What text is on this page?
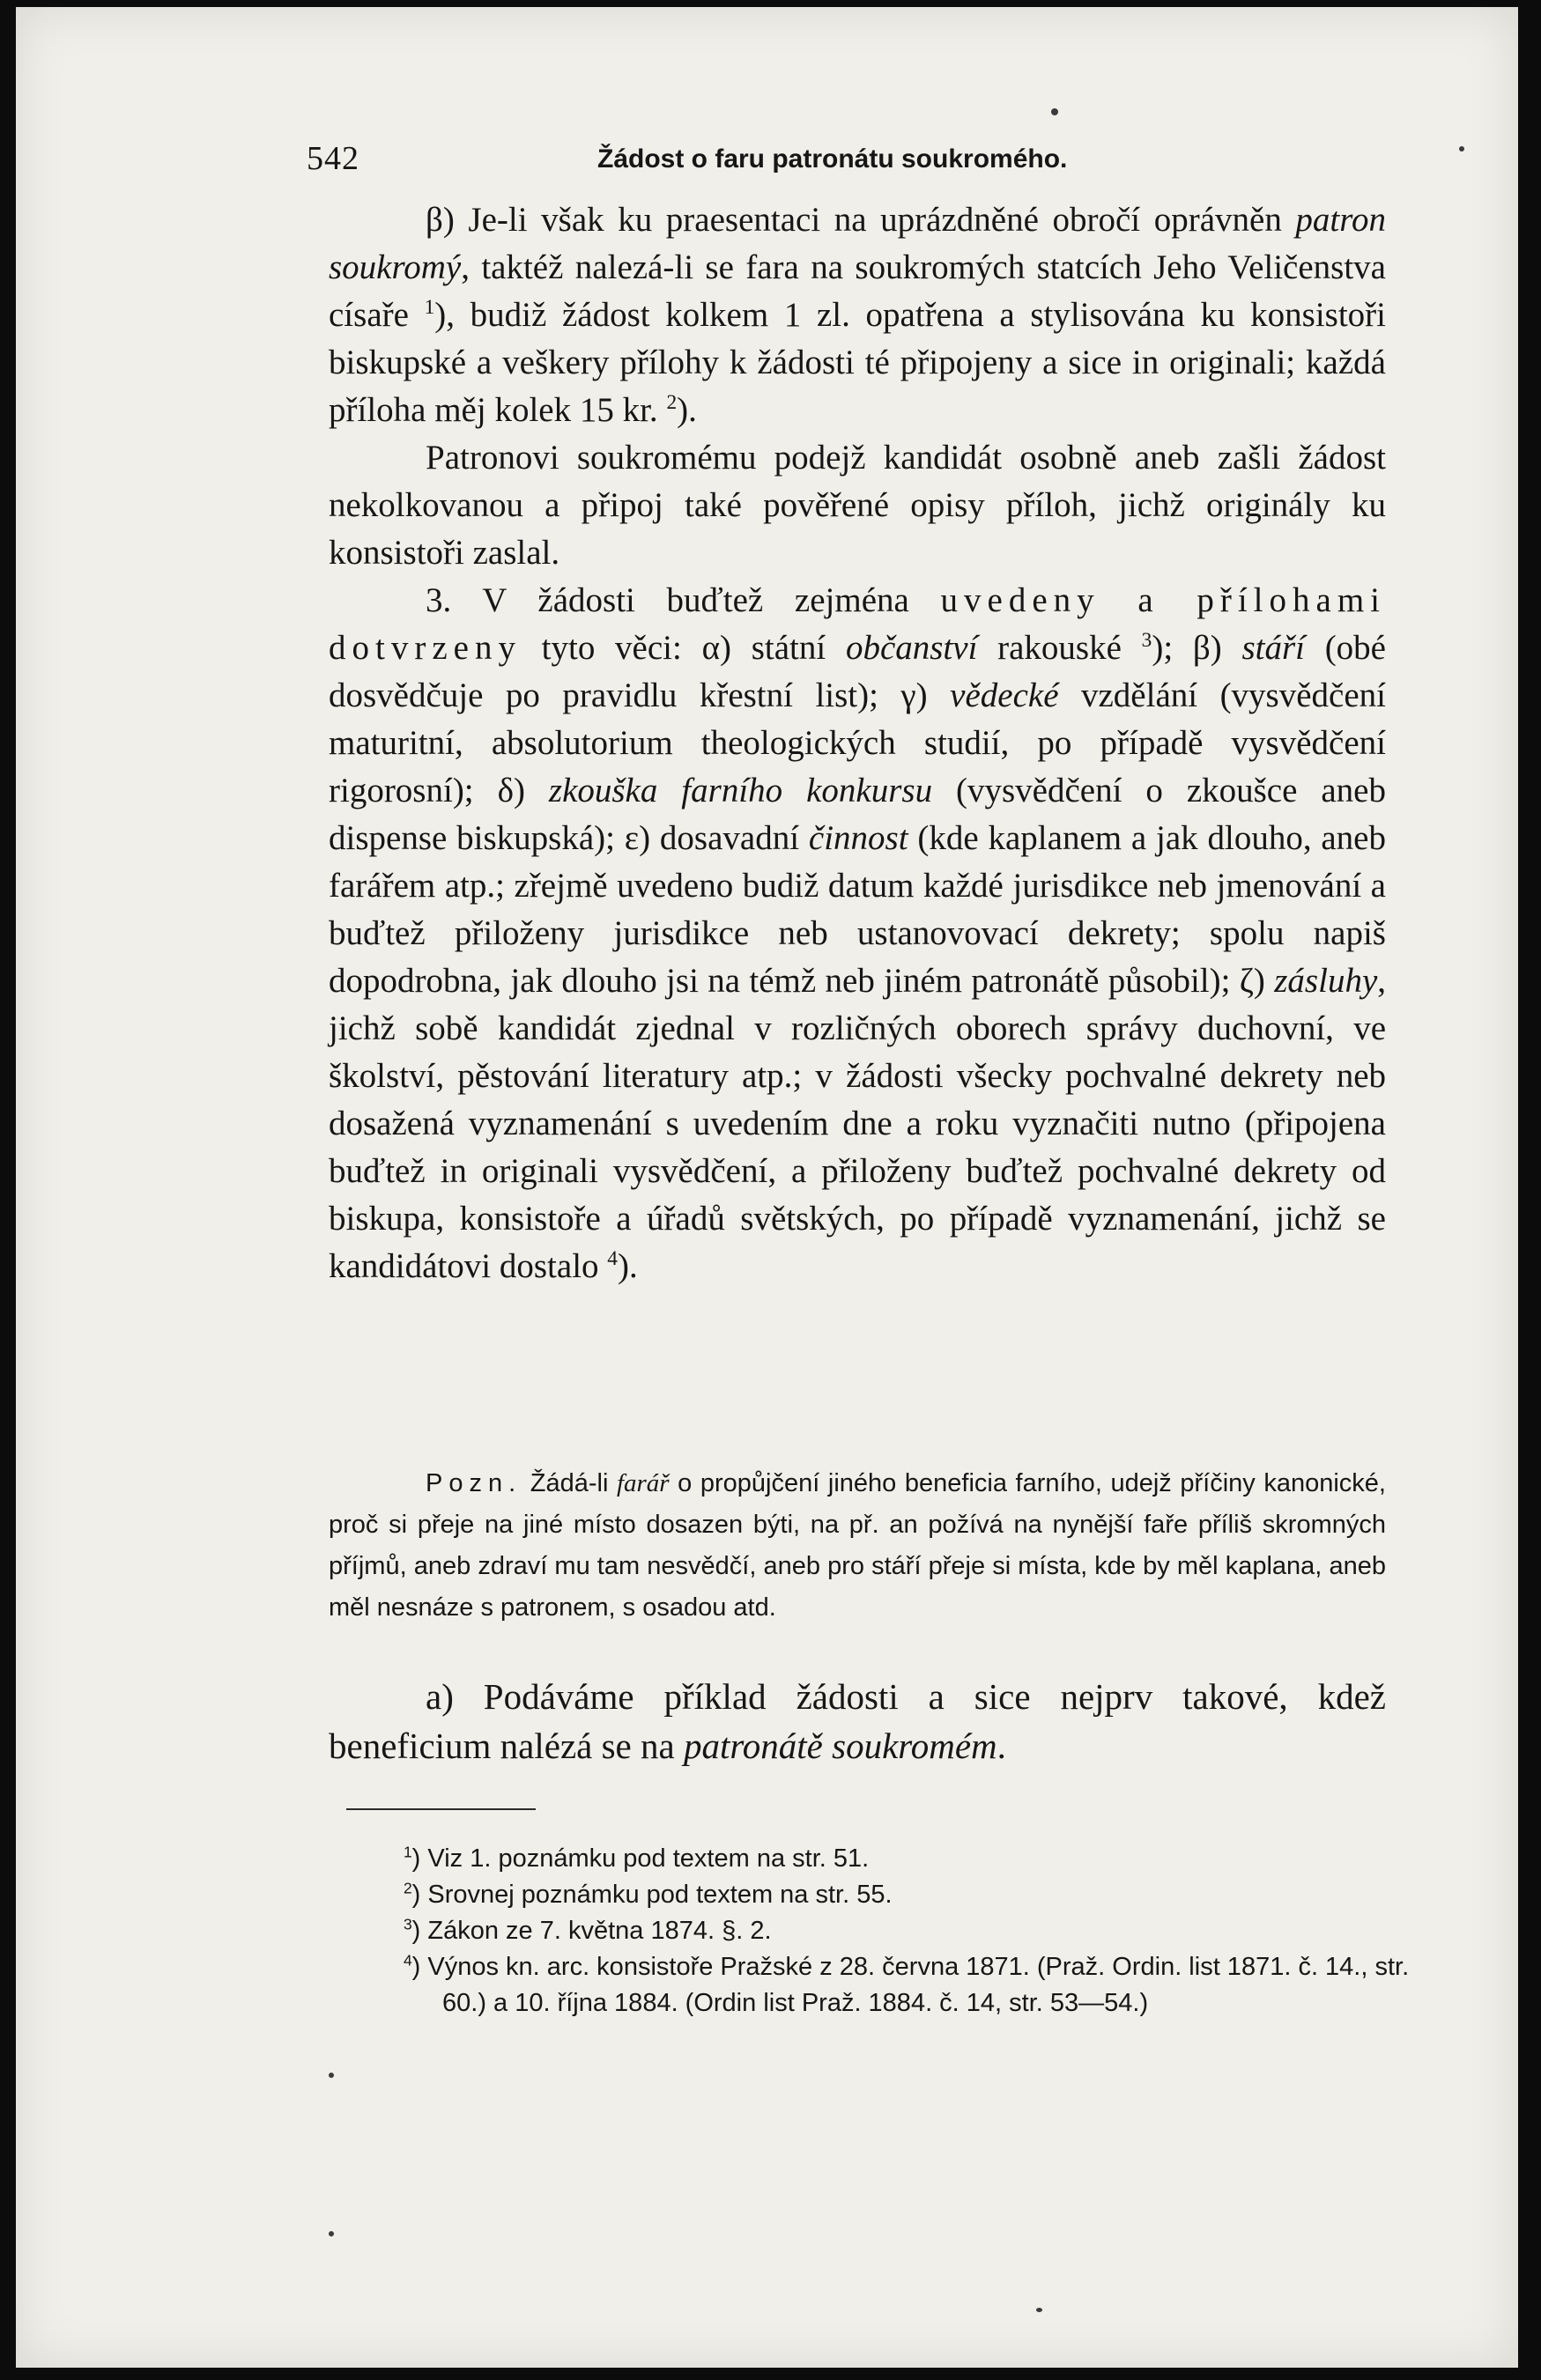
542	Žádost o faru patronátu soukromého.

β) Je-li však ku praesentaci na uprázdněné obročí oprávněn patron soukromý, taktéž nalezá-li se fara na soukromých statcích Jeho Veličenstva císaře $^1$), budiž žádost kolkem 1 zl. opatřena a stylisována ku konsistoři biskupské a veškery přílohy k žádosti té připojeny a sice in originali; každá příloha měj kolek 15 kr. $^2$).

Patronovi soukromému podejž kandidát osobně aneb zašli žádost nekolkovanou a připoj také pověřené opisy příloh, jichž originály ku konsistoři zaslal.

3. V žádosti buďtež zejména uvedeny a přílohami dotvrzeny tyto věci: α) státní občanství rakouské $^3$); β) stáří (obé dosvědčuje po pravidlu křestní list); γ) vědecké vzdělání (vysvědčení maturitní, absolutorium theologických studií, po případě vysvědčení rigorosní); δ) zkouška farního konkursu (vysvědčení o zkoušce aneb dispense biskupská); ε) dosavadní činnost (kde kaplanem a jak dlouho, aneb farářem atp.; zřejmě uvedeno budiž datum každé jurisdikce neb jmenování a buďtež přiloženy jurisdikce neb ustanovovací dekrety; spolu napiš dopodrobna, jak dlouho jsi na témž neb jiném patronátě působil); ζ) zásluhy, jichž sobě kandidát zjednal v rozličných oborech správy duchovní, ve školství, pěstování literatury atp.; v žádosti všecky pochvalné dekrety neb dosažená vyznamenání s uvedením dne a roku vyznačiti nutno (připojena buďtež in originali vysvědčení, a přiloženy buďtež pochvalné dekrety od biskupa, konsistoře a úřadů světských, po případě vyznamenání, jichž se kandidátovi dostalo $^4$).

Pozn. Žádá-li farář o propůjčení jiného beneficia farního, udejž příčiny kanonické, proč si přeje na jiné místo dosazen býti, na př. an požívá na nynější faře příliš skromných příjmů, aneb zdraví mu tam nesvědčí, aneb pro stáří přeje si místa, kde by měl kaplana, aneb měl nesnáze s patronem, s osadou atd.
a) Podáváme příklad žádosti a sice nejprv takové, kdež beneficium nalézá se na patronátě soukromém.
$^1$) Viz 1. poznámku pod textem na str. 51.
$^2$) Srovnej poznámku pod textem na str. 55.
$^3$) Zákon ze 7. května 1874. §. 2.
$^4$) Výnos kn. arc. konsistoře Pražské z 28. června 1871. (Praž. Ordin. list 1871. č. 14., str. 60.) a 10. října 1884. (Ordin list Praž. 1884. č. 14, str. 53—54.)
